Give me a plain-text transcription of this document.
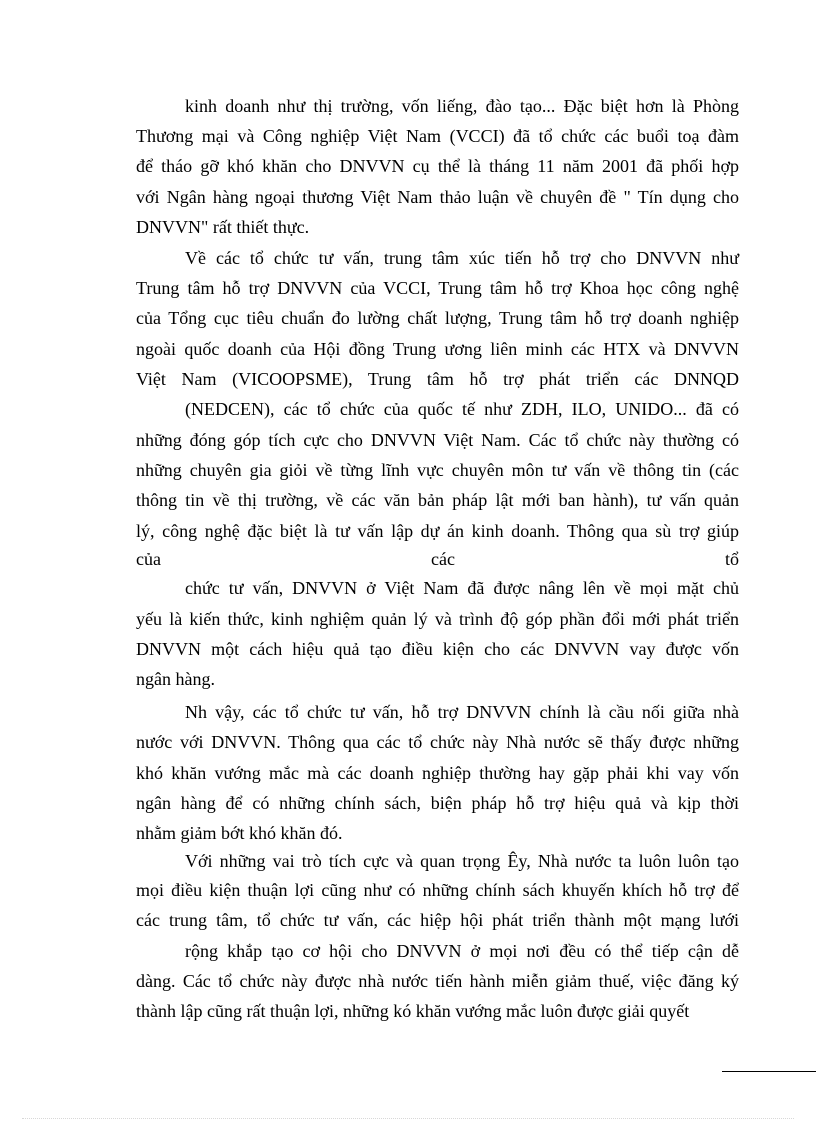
kinh doanh như thị trường, vốn liếng, đào tạo... Đặc biệt hơn là Phòng
Thương mại và Công nghiệp Việt Nam (VCCI) đã tổ chức các buổi toạ đàm
để tháo gỡ khó khăn cho DNVVN cụ thể là tháng 11 năm 2001 đã phối hợp
với Ngân hàng ngoại thương Việt Nam thảo luận về chuyên đề " Tín dụng cho
DNVVN" rất thiết thực.
Về các tổ chức tư vấn, trung tâm xúc tiến hỗ trợ cho DNVVN như
Trung tâm hỗ trợ DNVVN của VCCI, Trung tâm hỗ trợ Khoa học công nghệ
của Tổng cục tiêu chuẩn đo lường chất lượng, Trung tâm hỗ trợ doanh nghiệp
ngoài quốc doanh của Hội đồng Trung ương liên minh các HTX và DNVVN
Việt Nam (VICOOPSME), Trung tâm hỗ trợ phát triển các DNNQD
(NEDCEN), các tổ chức của quốc tế như ZDH, ILO, UNIDO... đã có
những đóng góp tích cực cho DNVVN Việt Nam. Các tổ chức này thường có
những chuyên gia giỏi về từng lĩnh vực chuyên môn tư vấn về thông tin (các
thông tin về thị trường, về các văn bản pháp lật mới ban hành), tư vấn quản
lý, công nghệ đặc biệt là tư vấn lập dự án kinh doanh. Thông qua sù trợ giúp
của các tổ
chức tư vấn, DNVVN ở Việt Nam đã được nâng lên về mọi mặt chủ
yếu là kiến thức, kinh nghiệm quản lý và trình độ góp phần đổi mới phát triển
DNVVN một cách hiệu quả tạo điều kiện cho các DNVVN vay được vốn
ngân hàng.
Nh vậy, các tổ chức tư vấn, hỗ trợ DNVVN chính là cầu nối giữa nhà
nước với DNVVN. Thông qua các tổ chức này Nhà nước sẽ thấy được những
khó khăn vướng mắc mà các doanh nghiệp thường hay gặp phải khi vay vốn
ngân hàng để có những chính sách, biện pháp hỗ trợ hiệu quả và kịp thời
nhằm giảm bớt khó khăn đó.
Với những vai trò tích cực và quan trọng Êy, Nhà nước ta luôn luôn tạo
mọi điều kiện thuận lợi cũng như có những chính sách khuyến khích hỗ trợ để
các trung tâm, tổ chức tư vấn, các hiệp hội phát triển thành một mạng lưới
rộng khắp tạo cơ hội cho DNVVN ở mọi nơi đều có thể tiếp cận dễ
dàng. Các tổ chức này được nhà nước tiến hành miễn giảm thuế, việc đăng ký
thành lập cũng rất thuận lợi, những kó khăn vướng mắc luôn được giải quyết
